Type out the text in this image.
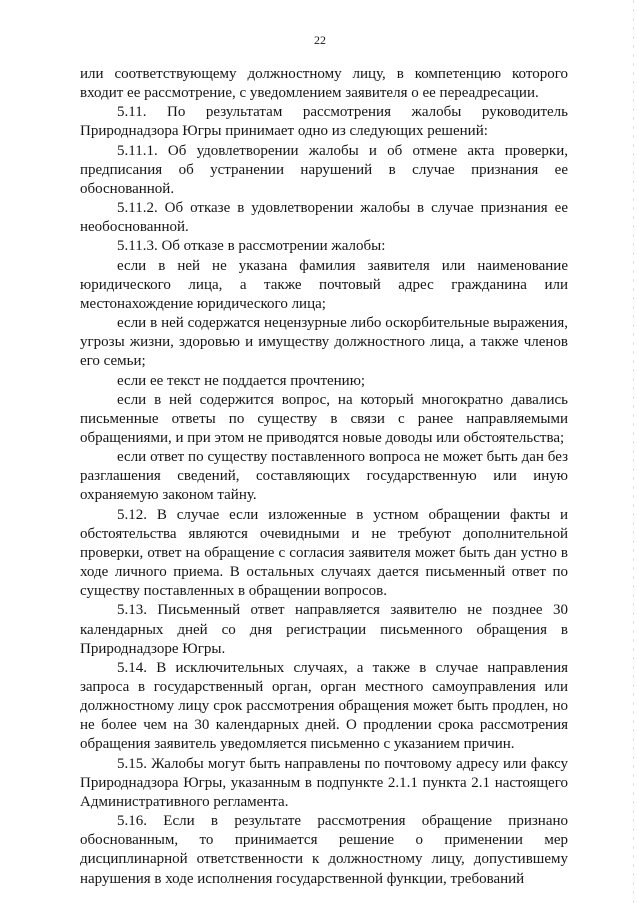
22

или соответствующему должностному лицу, в компетенцию которого входит ее рассмотрение, с уведомлением заявителя о ее переадресации.

5.11. По результатам рассмотрения жалобы руководитель Природнадзора Югры принимает одно из следующих решений:

5.11.1. Об удовлетворении жалобы и об отмене акта проверки, предписания об устранении нарушений в случае признания ее обоснованной.

5.11.2. Об отказе в удовлетворении жалобы в случае признания ее необоснованной.

5.11.3. Об отказе в рассмотрении жалобы:

если в ней не указана фамилия заявителя или наименование юридического лица, а также почтовый адрес гражданина или местонахождение юридического лица;

если в ней содержатся нецензурные либо оскорбительные выражения, угрозы жизни, здоровью и имуществу должностного лица, а также членов его семьи;

если ее текст не поддается прочтению;

если в ней содержится вопрос, на который многократно давались письменные ответы по существу в связи с ранее направляемыми обращениями, и при этом не приводятся новые доводы или обстоятельства;

если ответ по существу поставленного вопроса не может быть дан без разглашения сведений, составляющих государственную или иную охраняемую законом тайну.

5.12. В случае если изложенные в устном обращении факты и обстоятельства являются очевидными и не требуют дополнительной проверки, ответ на обращение с согласия заявителя может быть дан устно в ходе личного приема. В остальных случаях дается письменный ответ по существу поставленных в обращении вопросов.

5.13. Письменный ответ направляется заявителю не позднее 30 календарных дней со дня регистрации письменного обращения в Природнадзоре Югры.

5.14. В исключительных случаях, а также в случае направления запроса в государственный орган, орган местного самоуправления или должностному лицу срок рассмотрения обращения может быть продлен, но не более чем на 30 календарных дней. О продлении срока рассмотрения обращения заявитель уведомляется письменно с указанием причин.

5.15. Жалобы могут быть направлены по почтовому адресу или факсу Природнадзора Югры, указанным в подпункте 2.1.1 пункта 2.1 настоящего Административного регламента.

5.16. Если в результате рассмотрения обращение признано обоснованным, то принимается решение о применении мер дисциплинарной ответственности к должностному лицу, допустившему нарушения в ходе исполнения государственной функции, требований
